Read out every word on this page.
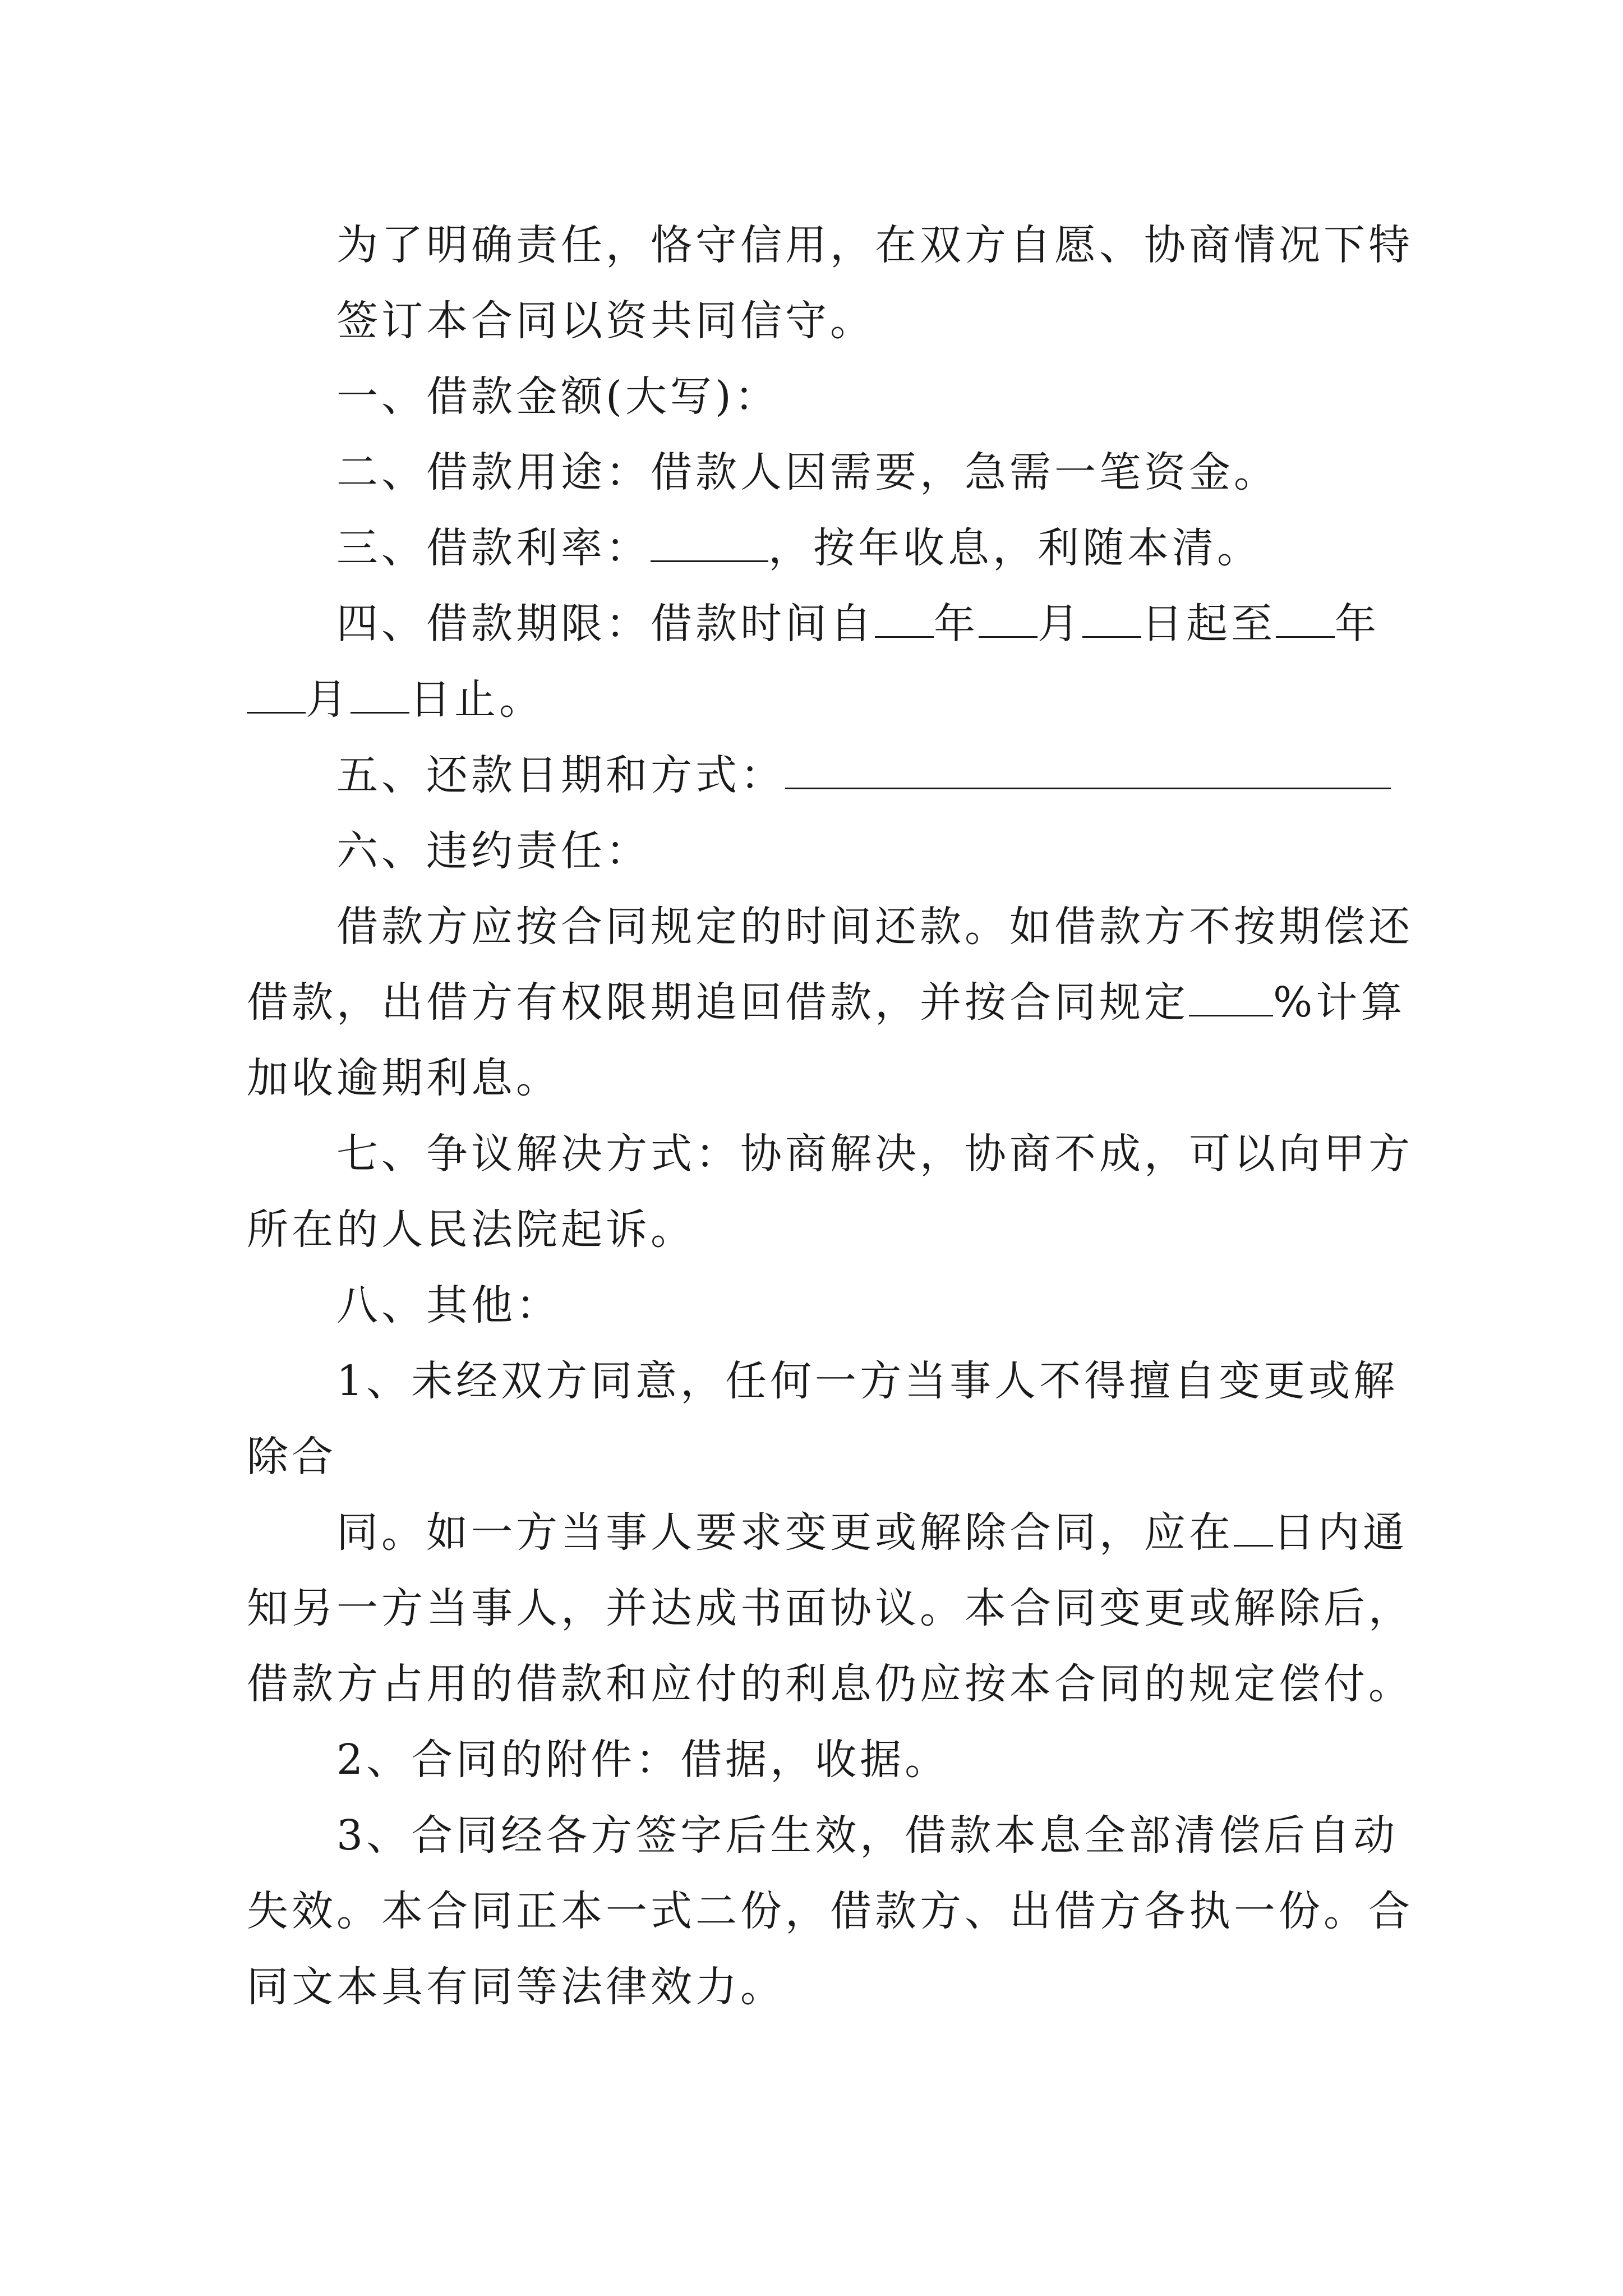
为了明确责任，恪守信用，在双方自愿、协商情况下特
签订本合同以资共同信守。
一、借款金额(大写)：
二、借款用途：借款人因需要，急需一笔资金。
三、借款利率：	，按年收息，利随本清。
四、借款期限：借款时间自 年 月 日起至 年
月 日止。
五、还款日期和方式：
六、违约责任：
借款方应按合同规定的时间还款。如借款方不按期偿还
借款，出借方有权限期追回借款，并按合同规定 %计算
加收逾期利息。
七、争议解决方式：协商解决，协商不成，可以向甲方
所在的人民法院起诉。
八、其他：
1、未经双方同意，任何一方当事人不得擅自变更或解
除合
同。如一方当事人要求变更或解除合同，应在 日内通
知另一方当事人，并达成书面协议。本合同变更或解除后，
借款方占用的借款和应付的利息仍应按本合同的规定偿付。
2、合同的附件：借据，收据。
3、合同经各方签字后生效，借款本息全部清偿后自动
失效。本合同正本一式二份，借款方、出借方各执一份。合
同文本具有同等法律效力。
